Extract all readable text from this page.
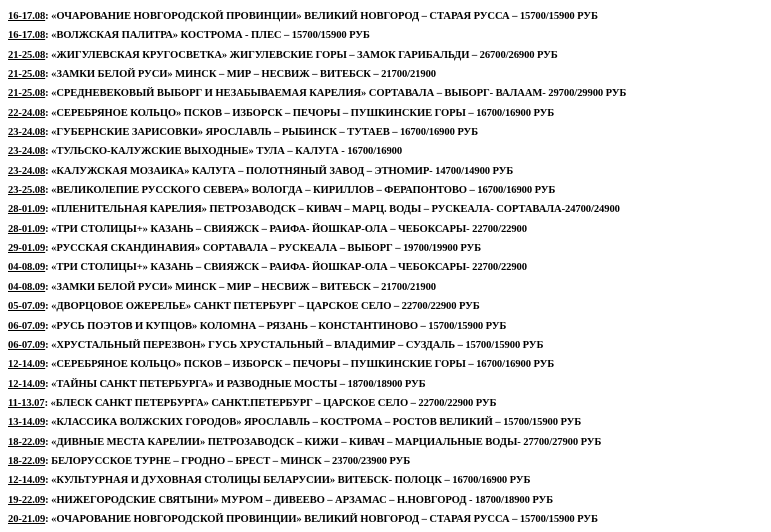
16-17.08: «ОЧАРОВАНИЕ НОВГОРОДСКОЙ ПРОВИНЦИИ» ВЕЛИКИЙ НОВГОРОД – СТАРАЯ РУССА – 15700/15900 РУБ
16-17.08: «ВОЛЖСКАЯ ПАЛИТРА» КОСТРОМА - ПЛЕС – 15700/15900 РУБ
21-25.08: «ЖИГУЛЕВСКАЯ КРУГОСВЕТКА» ЖИГУЛЕВСКИЕ ГОРЫ – ЗАМОК ГАРИБАЛЬДИ – 26700/26900 РУБ
21-25.08: «ЗАМКИ БЕЛОЙ РУСИ» МИНСК – МИР – НЕСВИЖ – ВИТЕБСК – 21700/21900
21-25.08: «СРЕДНЕВЕКОВЫЙ ВЫБОРГ И НЕЗАБЫВАЕМАЯ КАРЕЛИЯ» СОРТАВАЛА – ВЫБОРГ- ВАЛААМ- 29700/29900 РУБ
22-24.08: «СЕРЕБРЯНОЕ КОЛЬЦО» ПСКОВ – ИЗБОРСК – ПЕЧОРЫ – ПУШКИНСКИЕ ГОРЫ – 16700/16900 РУБ
23-24.08: «ГУБЕРНСКИЕ ЗАРИСОВКИ» ЯРОСЛАВЛЬ – РЫБИНСК – ТУТАЕВ – 16700/16900 РУБ
23-24.08: «ТУЛЬСКО-КАЛУЖСКИЕ ВЫХОДНЫЕ» ТУЛА – КАЛУГА - 16700/16900
23-24.08: «КАЛУЖСКАЯ МОЗАИКА» КАЛУГА – ПОЛОТНЯНЫЙ ЗАВОД – ЭТНОМИР- 14700/14900 РУБ
23-25.08: «ВЕЛИКОЛЕПИЕ РУССКОГО СЕВЕРА» ВОЛОГДА – КИРИЛЛОВ – ФЕРАПОНТОВО – 16700/16900 РУБ
28-01.09: «ПЛЕНИТЕЛЬНАЯ КАРЕЛИЯ» ПЕТРОЗАВОДСК – КИВАЧ – МАРЦ. ВОДЫ – РУСКЕАЛА- СОРТАВАЛА-24700/24900
28-01.09: «ТРИ СТОЛИЦЫ+» КАЗАНЬ – СВИЯЖСК – РАИФА- ЙОШКАР-ОЛА – ЧЕБОКСАРЫ- 22700/22900
29-01.09: «РУССКАЯ СКАНДИНАВИЯ» СОРТАВАЛА – РУСКЕАЛА – ВЫБОРГ – 19700/19900 РУБ
04-08.09: «ТРИ СТОЛИЦЫ+» КАЗАНЬ – СВИЯЖСК – РАИФА- ЙОШКАР-ОЛА – ЧЕБОКСАРЫ- 22700/22900
04-08.09: «ЗАМКИ БЕЛОЙ РУСИ» МИНСК – МИР – НЕСВИЖ – ВИТЕБСК – 21700/21900
05-07.09: «ДВОРЦОВОЕ ОЖЕРЕЛЬЕ» САНКТ ПЕТЕРБУРГ – ЦАРСКОЕ СЕЛО – 22700/22900 РУБ
06-07.09: «РУСЬ ПОЭТОВ И КУПЦОВ» КОЛОМНА – РЯЗАНЬ – КОНСТАНТИНОВО – 15700/15900 РУБ
06-07.09: «ХРУСТАЛЬНЫЙ ПЕРЕЗВОН» ГУСЬ ХРУСТАЛЬНЫЙ – ВЛАДИМИР – СУЗДАЛЬ – 15700/15900 РУБ
12-14.09: «СЕРЕБРЯНОЕ КОЛЬЦО» ПСКОВ – ИЗБОРСК – ПЕЧОРЫ – ПУШКИНСКИЕ ГОРЫ – 16700/16900 РУБ
12-14.09: «ТАЙНЫ САНКТ ПЕТЕРБУРГА» И РАЗВОДНЫЕ МОСТЫ – 18700/18900 РУБ
11-13.07: «БЛЕСК САНКТ ПЕТЕРБУРГА» САНКТ.ПЕТЕРБУРГ – ЦАРСКОЕ СЕЛО – 22700/22900 РУБ
13-14.09: «КЛАССИКА ВОЛЖСКИХ ГОРОДОВ» ЯРОСЛАВЛЬ – КОСТРОМА – РОСТОВ ВЕЛИКИЙ – 15700/15900 РУБ
18-22.09: «ДИВНЫЕ МЕСТА КАРЕЛИИ» ПЕТРОЗАВОДСК – КИЖИ – КИВАЧ – МАРЦИАЛЬНЫЕ ВОДЫ- 27700/27900 РУБ
18-22.09: БЕЛОРУССКОЕ ТУРНЕ – ГРОДНО – БРЕСТ – МИНСК – 23700/23900 РУБ
12-14.09: «КУЛЬТУРНАЯ И ДУХОВНАЯ СТОЛИЦЫ БЕЛАРУСИИ» ВИТЕБСК- ПОЛОЦК – 16700/16900 РУБ
19-22.09: «НИЖЕГОРОДСКИЕ СВЯТЫНИ» МУРОМ – ДИВЕЕВО – АРЗАМАС – Н.НОВГОРОД - 18700/18900 РУБ
20-21.09: «ОЧАРОВАНИЕ НОВГОРОДСКОЙ ПРОВИНЦИИ» ВЕЛИКИЙ НОВГОРОД – СТАРАЯ РУССА – 15700/15900 РУБ
